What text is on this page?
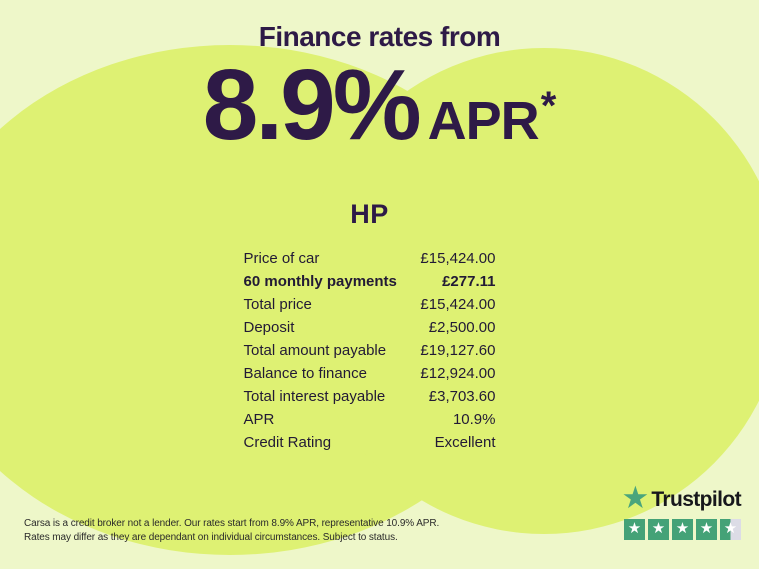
Finance rates from
8.9% APR *
HP
Price of car	£15,424.00
60 monthly payments	£277.11
Total price	£15,424.00
Deposit	£2,500.00
Total amount payable £19,127.60
Balance to finance	£12,924.00
Total interest payable	£3,703.60
APR	10.9%
Credit Rating	Excellent
Carsa is a credit broker not a lender. Our rates start from 8.9% APR, representative 10.9% APR.
Rates may differ as they are dependant on individual circumstances. Subject to status.
★ Trustpilot
★ ★ ★ ★ ★
